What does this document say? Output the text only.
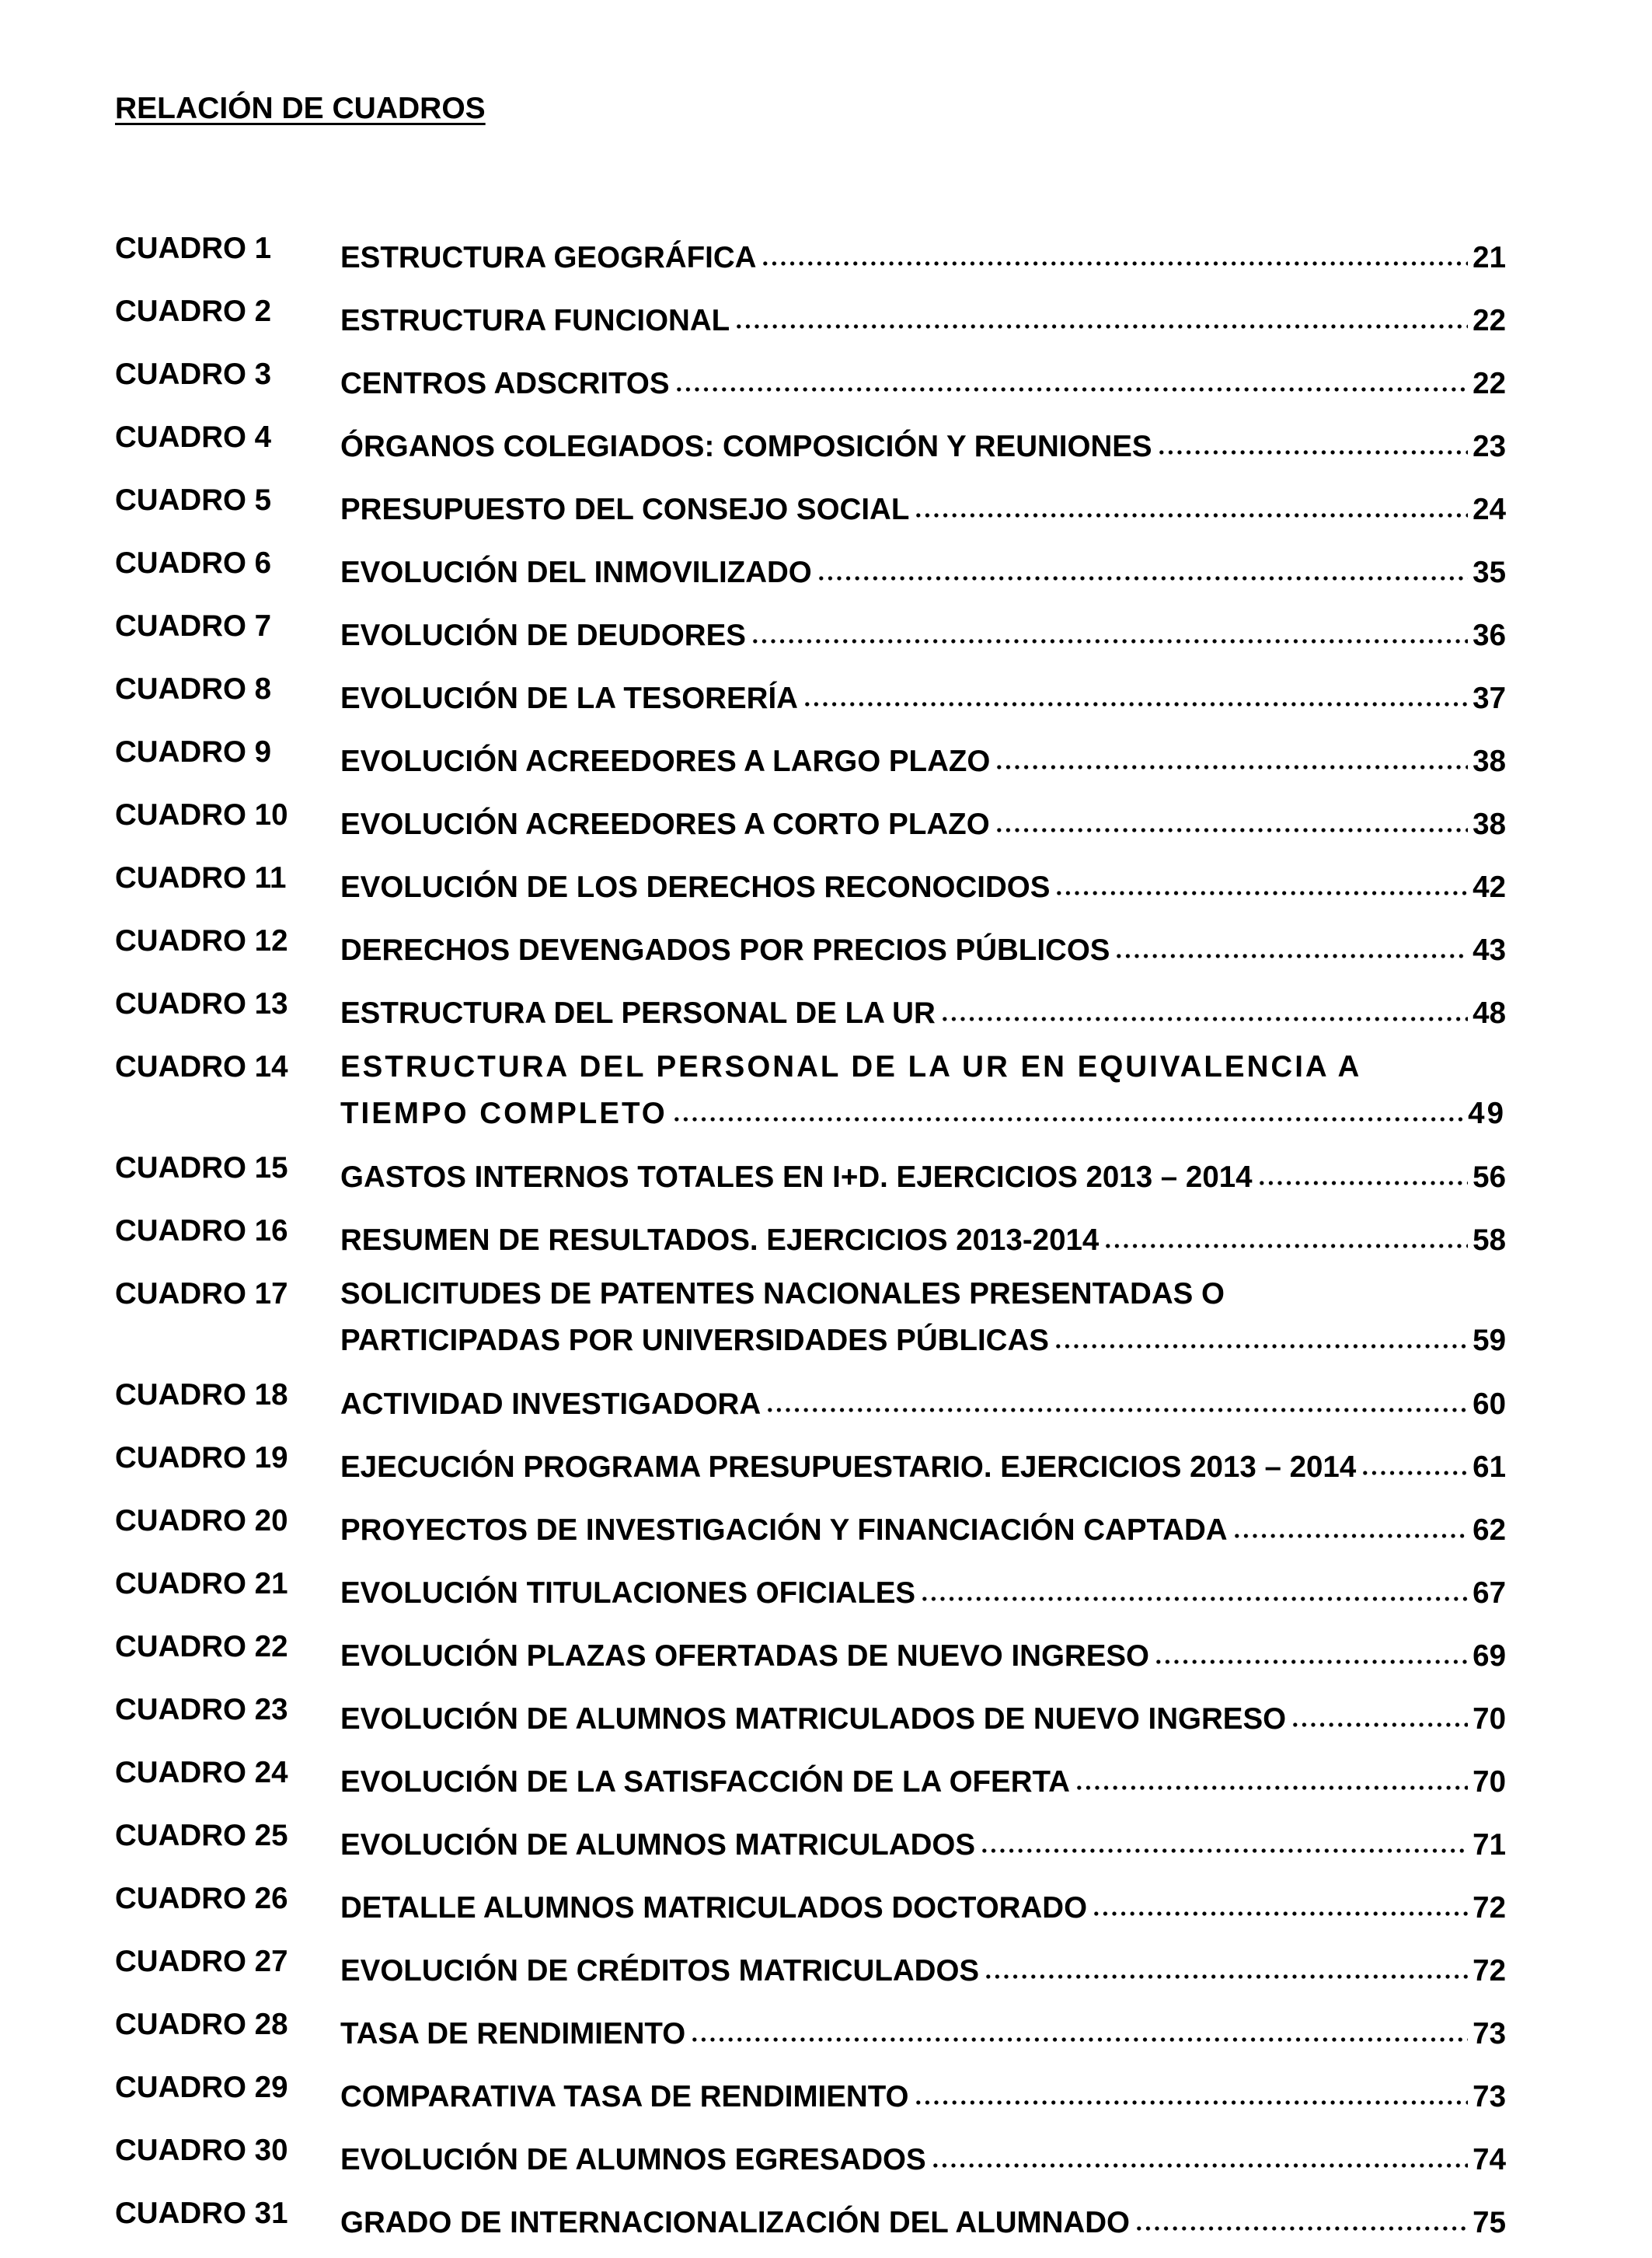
RELACIÓN DE CUADROS
CUADRO 1	ESTRUCTURA GEOGRÁFICA	21
CUADRO 2	ESTRUCTURA FUNCIONAL	22
CUADRO 3	CENTROS ADSCRITOS	22
CUADRO 4	ÓRGANOS COLEGIADOS: COMPOSICIÓN Y REUNIONES	23
CUADRO 5	PRESUPUESTO DEL CONSEJO SOCIAL	24
CUADRO 6	EVOLUCIÓN DEL INMOVILIZADO	35
CUADRO 7	EVOLUCIÓN DE DEUDORES	36
CUADRO 8	EVOLUCIÓN DE LA TESORERÍA	37
CUADRO 9	EVOLUCIÓN ACREEDORES A LARGO PLAZO	38
CUADRO 10	EVOLUCIÓN ACREEDORES A CORTO PLAZO	38
CUADRO 11	EVOLUCIÓN DE LOS DERECHOS RECONOCIDOS	42
CUADRO 12	DERECHOS DEVENGADOS POR PRECIOS PÚBLICOS	43
CUADRO 13	ESTRUCTURA DEL PERSONAL DE LA UR	48
CUADRO 14	ESTRUCTURA DEL PERSONAL DE LA UR EN EQUIVALENCIA A
TIEMPO COMPLETO	49
CUADRO 15	GASTOS INTERNOS TOTALES EN I+D. EJERCICIOS 2013 – 2014	56
CUADRO 16	RESUMEN DE RESULTADOS. EJERCICIOS 2013-2014	58
CUADRO 17	SOLICITUDES DE PATENTES NACIONALES PRESENTADAS O
PARTICIPADAS POR UNIVERSIDADES PÚBLICAS	59
CUADRO 18	ACTIVIDAD INVESTIGADORA	60
CUADRO 19	EJECUCIÓN PROGRAMA PRESUPUESTARIO. EJERCICIOS 2013 – 2014	61
CUADRO 20	PROYECTOS DE INVESTIGACIÓN Y FINANCIACIÓN CAPTADA	62
CUADRO 21	EVOLUCIÓN TITULACIONES OFICIALES	67
CUADRO 22	EVOLUCIÓN PLAZAS OFERTADAS DE NUEVO INGRESO	69
CUADRO 23	EVOLUCIÓN DE ALUMNOS MATRICULADOS DE NUEVO INGRESO	70
CUADRO 24	EVOLUCIÓN DE LA SATISFACCIÓN DE LA OFERTA	70
CUADRO 25	EVOLUCIÓN DE ALUMNOS MATRICULADOS	71
CUADRO 26	DETALLE ALUMNOS MATRICULADOS DOCTORADO	72
CUADRO 27	EVOLUCIÓN DE CRÉDITOS MATRICULADOS	72
CUADRO 28	TASA DE RENDIMIENTO	73
CUADRO 29	COMPARATIVA TASA DE RENDIMIENTO	73
CUADRO 30	EVOLUCIÓN DE ALUMNOS EGRESADOS	74
CUADRO 31	GRADO DE INTERNACIONALIZACIÓN DEL ALUMNADO	75
